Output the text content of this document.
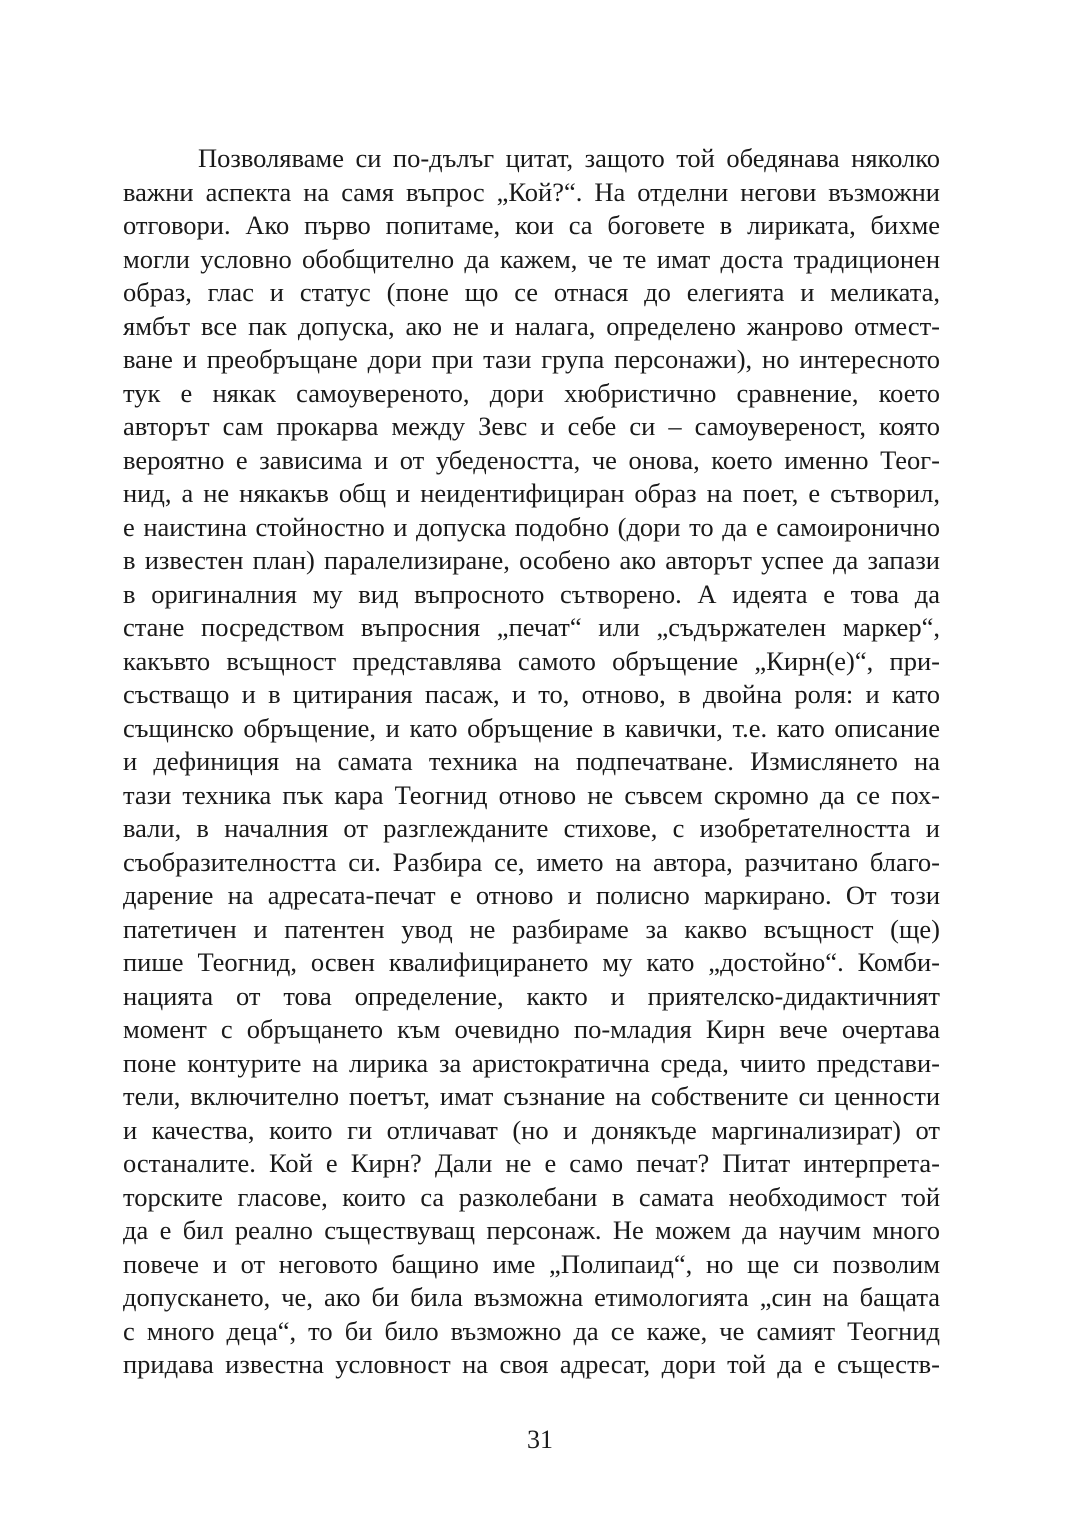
Позволяваме си по-дълъг цитат, защото той обедянава няколко
важни аспекта на самя въпрос „Кой?“. На отделни негови възможни
отговори. Ако първо попитаме, кои са боговете в лириката, бихме
могли условно обобщително да кажем, че те имат доста традиционен
образ, глас и статус (поне що се отнася до елегията и меликата,
ямбът все пак допуска, ако не и налага, определено жанрово отмест-
ване и преобръщане дори при тази група персонажи), но интересното
тук е някак самоувереното, дори хюбристично сравнение, което
авторът сам прокарва между Зевс и себе си – самоувереност, която
вероятно е зависима и от убедеността, че онова, което именно Теог-
нид, а не някакъв общ и неидентифициран образ на поет, е сътворил,
е наистина стойностно и допуска подобно (дори то да е самоиронично
в известен план) паралелизиране, особено ако авторът успее да запази
в оригиналния му вид въпросното сътворено. А идеята е това да
стане посредством въпросния „печат“ или „съдържателен маркер“,
какъвто всъщност представлява самото обръщение „Кирн(е)“, при-
състващо и в цитирания пасаж, и то, отново, в двойна роля: и като
същинско обръщение, и като обръщение в кавички, т.е. като описание
и дефиниция на самата техника на подпечатване. Измислянето на
тази техника пък кара Теогнид отново не съвсем скромно да се пох-
вали, в началния от разглежданите стихове, с изобретателността и
съобразителността си. Разбира се, името на автора, разчитано благо-
дарение на адресата-печат е отново и полисно маркирано. От този
патетичен и патентен увод не разбираме за какво всъщност (ще)
пише Теогнид, освен квалифицирането му като „достойно“. Комби-
нацията от това определение, както и приятелско-дидактичният
момент с обръщането към очевидно по-младия Кирн вече очертава
поне контурите на лирика за аристократична среда, чиито представи-
тели, включително поетът, имат съзнание на собствените си ценности
и качества, които ги отличават (но и донякъде маргинализират) от
останалите. Кой е Кирн? Дали не е само печат? Питат интерпрета-
торските гласове, които са разколебани в самата необходимост той
да е бил реално съществуващ персонаж. Не можем да научим много
повече и от неговото бащино име „Полипаид“, но ще си позволим
допускането, че, ако би била възможна етимологията „син на бащата
с много деца“, то би било възможно да се каже, че самият Теогнид
придава известна условност на своя адресат, дори той да е съществ-
31
